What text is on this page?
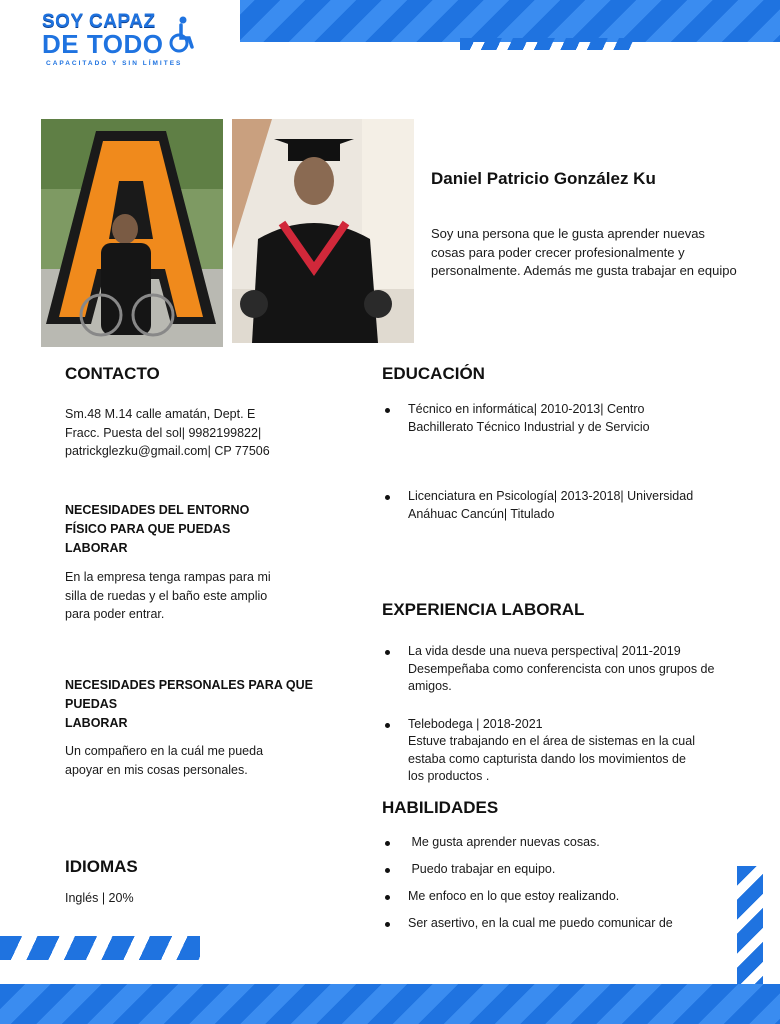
SOY CAPAZ
DE TODO
CAPACITADO Y SIN LÍMITES
Daniel Patricio González Ku
Soy una persona que le gusta aprender nuevas cosas para poder crecer profesionalmente y personalmente. Además me gusta trabajar en equipo
CONTACTO
Sm.48 M.14 calle amatán, Dept. E
Fracc. Puesta del sol| 9982199822|
patrickglezku@gmail.com| CP 77506
NECESIDADES DEL ENTORNO
FÍSICO PARA QUE PUEDAS
LABORAR
En la empresa tenga rampas para mi
silla de ruedas y el baño este amplio
para poder entrar.
NECESIDADES PERSONALES PARA QUE
PUEDAS
LABORAR
Un compañero en la cuál me pueda
apoyar en mis cosas personales.
IDIOMAS
Inglés | 20%
EDUCACIÓN
Técnico en informática| 2010-2013| Centro
Bachillerato Técnico Industrial y de Servicio
Licenciatura en Psicología| 2013-2018| Universidad
Anáhuac Cancún| Titulado
EXPERIENCIA LABORAL
La vida desde una nueva perspectiva| 2011-2019
Desempeñaba como conferencista con unos grupos de
amigos.
Telebodega | 2018-2021
Estuve trabajando en el área de sistemas en la cual
estaba como capturista dando los movimientos de
los productos .
HABILIDADES
Me gusta aprender nuevas cosas.
Puedo trabajar en equipo.
Me enfoco en lo que estoy realizando.
Ser asertivo, en la cual me puedo comunicar de
